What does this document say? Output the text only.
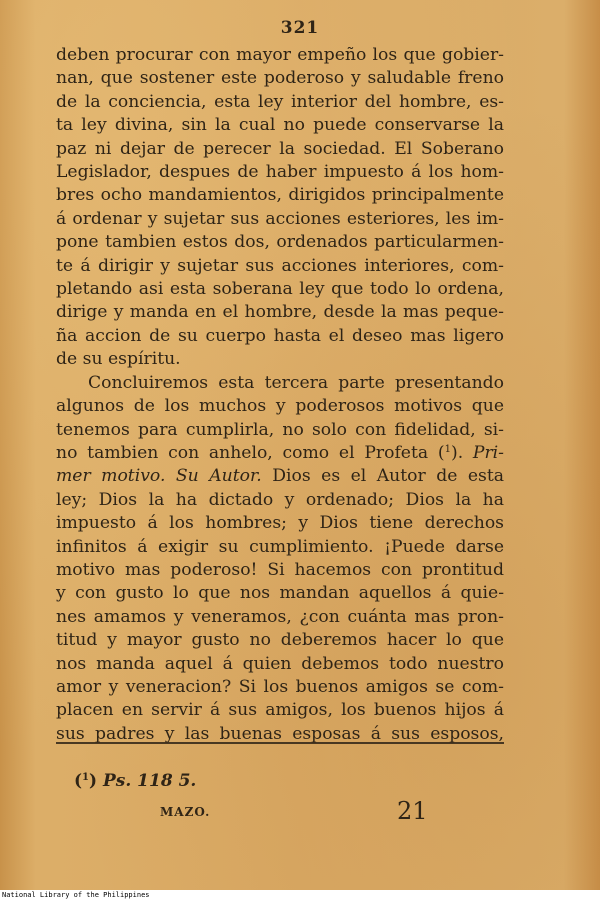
321
deben procurar con mayor empeño los que gobier-
nan, que sostener este poderoso y saludable freno
de la conciencia, esta ley interior del hombre, es-
ta ley divina, sin la cual no puede conservarse la
paz ni dejar de perecer la sociedad. El Soberano
Legislador, despues de haber impuesto á los hom-
bres ocho mandamientos, dirigidos principalmente
á ordenar y sujetar sus acciones esteriores, les im-
pone tambien estos dos, ordenados particularmen-
te á dirigir y sujetar sus acciones interiores, com-
pletando asi esta soberana ley que todo lo ordena,
dirige y manda en el hombre, desde la mas peque-
ña accion de su cuerpo hasta el deseo mas ligero
de su espíritu.
Concluiremos esta tercera parte presentando
algunos de los muchos y poderosos motivos que
tenemos para cumplirla, no solo con fidelidad, si-
no tambien con anhelo, como el Profeta ($^1$). Pri-
mer motivo. Su Autor. Dios es el Autor de esta
ley; Dios la ha dictado y ordenado; Dios la ha
impuesto á los hombres; y Dios tiene derechos
infinitos á exigir su cumplimiento. ¡Puede darse
motivo mas poderoso! Si hacemos con prontitud
y con gusto lo que nos mandan aquellos á quie-
nes amamos y veneramos, ¿con cuánta mas pron-
titud y mayor gusto no deberemos hacer lo que
nos manda aquel á quien debemos todo nuestro
amor y veneracion? Si los buenos amigos se com-
placen en servir á sus amigos, los buenos hijos á
sus padres y las buenas esposas á sus esposos,
($^1$) Ps. 118 5.
MAZO.	21
National Library of the Philippines
